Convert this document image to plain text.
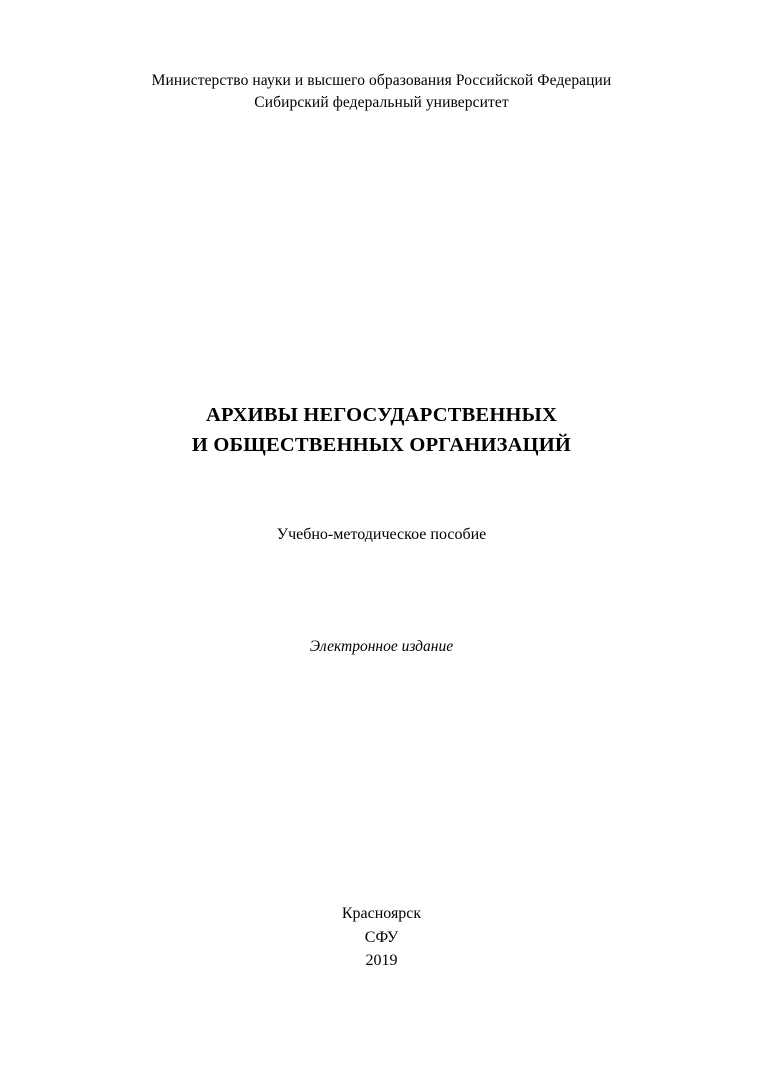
Министерство науки и высшего образования Российской Федерации
Сибирский федеральный университет
АРХИВЫ НЕГОСУДАРСТВЕННЫХ
И ОБЩЕСТВЕННЫХ ОРГАНИЗАЦИЙ
Учебно-методическое пособие
Электронное издание
Красноярск
СФУ
2019
